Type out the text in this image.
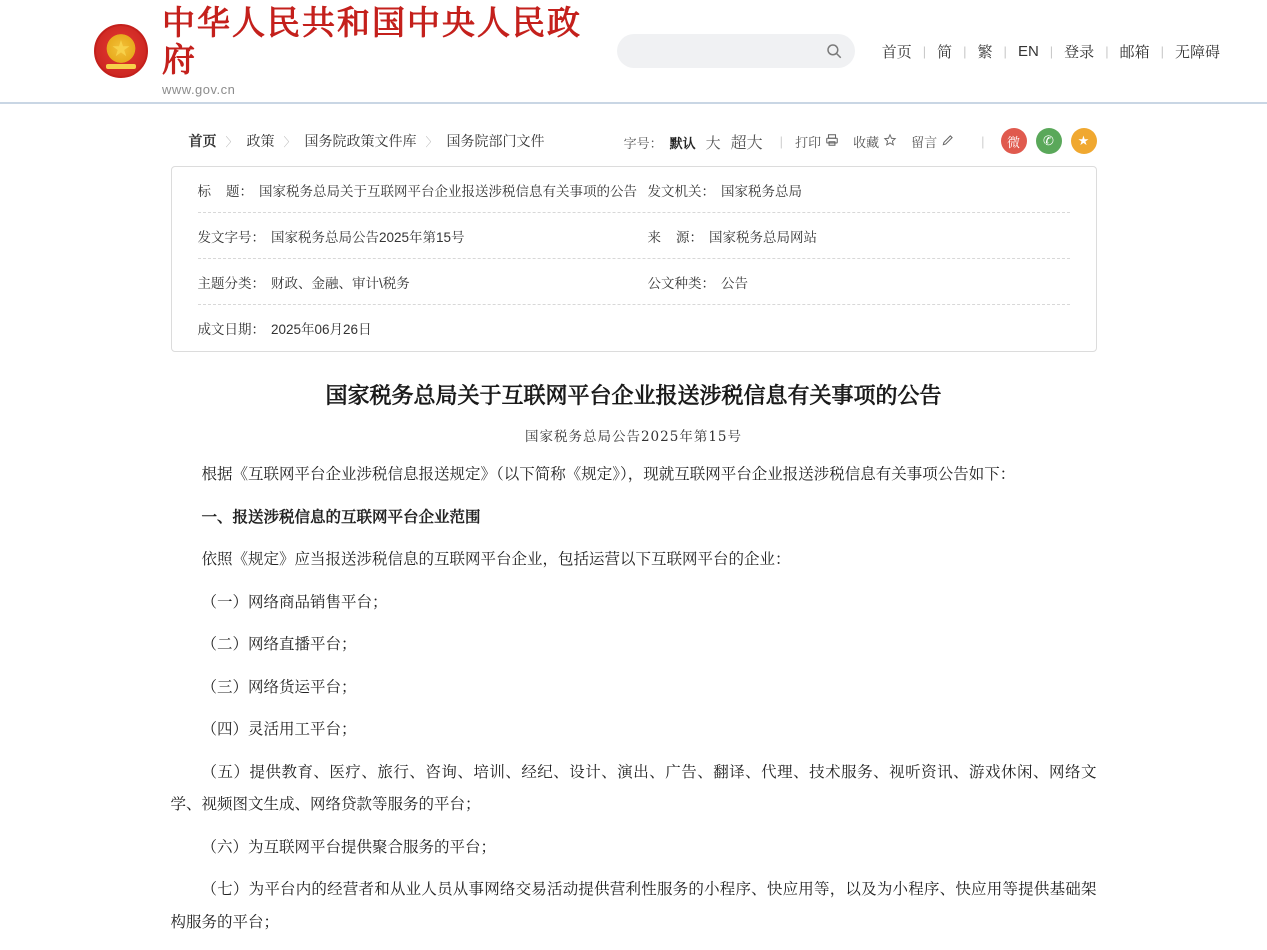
★
中华人民共和国中央人民政府
www.gov.cn
首页 | 简 | 繁 | EN | 登录 | 邮箱 | 无障碍
首页 〉 政策 〉 国务院政策文件库 〉 国务院部门文件	字号： 默认 大 超大	| 打印 收藏 留言	|	微	✆	★
标    题： 国家税务总局关于互联网平台企业报送涉税信息有关事项的公告 发文机关： 国家税务总局
发文字号： 国家税务总局公告2025年第15号	来    源： 国家税务总局网站
主题分类： 财政、金融、审计\税务	公文种类： 公告
成文日期： 2025年06月26日
国家税务总局关于互联网平台企业报送涉税信息有关事项的公告
国家税务总局公告2025年第15号

根据《互联网平台企业涉税信息报送规定》（以下简称《规定》），现就互联网平台企业报送涉税信息有关事项公告如下：

一、报送涉税信息的互联网平台企业范围

依照《规定》应当报送涉税信息的互联网平台企业，包括运营以下互联网平台的企业：

（一）网络商品销售平台；

（二）网络直播平台；

（三）网络货运平台；

（四）灵活用工平台；

（五）提供教育、医疗、旅行、咨询、培训、经纪、设计、演出、广告、翻译、代理、技术服务、视听资讯、游戏休闲、网络文学、视频图文生成、网络贷款等服务的平台；

（六）为互联网平台提供聚合服务的平台；

（七）为平台内的经营者和从业人员从事网络交易活动提供营利性服务的小程序、快应用等，以及为小程序、快应用等提供基础架构服务的平台；
